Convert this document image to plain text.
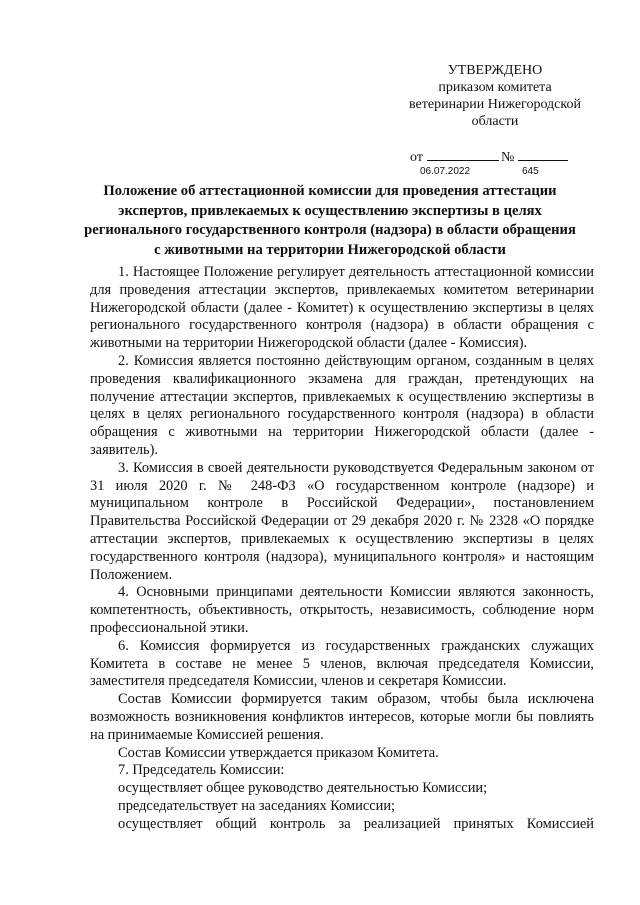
УТВЕРЖДЕНО
приказом комитета
ветеринарии Нижегородской
области
от	№
06.07.2022	645
Положение об аттестационной комиссии для проведения аттестации экспертов, привлекаемых к осуществлению экспертизы в целях регионального государственного контроля (надзора) в области обращения с животными на территории Нижегородской области

1. Настоящее Положение регулирует деятельность аттестационной комиссии для проведения аттестации экспертов, привлекаемых комитетом ветеринарии Нижегородской области (далее - Комитет) к осуществлению экспертизы в целях регионального государственного контроля (надзора) в области обращения с животными на территории Нижегородской области (далее - Комиссия).

2. Комиссия является постоянно действующим органом, созданным в целях проведения квалификационного экзамена для граждан, претендующих на получение аттестации экспертов, привлекаемых к осуществлению экспертизы в целях в целях регионального государственного контроля (надзора) в области обращения с животными на территории Нижегородской области (далее - заявитель).

3. Комиссия в своей деятельности руководствуется Федеральным законом от 31 июля 2020 г. № 248-ФЗ «О государственном контроле (надзоре) и муниципальном контроле в Российской Федерации», постановлением Правительства Российской Федерации от 29 декабря 2020 г. № 2328 «О порядке аттестации экспертов, привлекаемых к осуществлению экспертизы в целях государственного контроля (надзора), муниципального контроля» и настоящим Положением.

4. Основными принципами деятельности Комиссии являются законность, компетентность, объективность, открытость, независимость, соблюдение норм профессиональной этики.

6. Комиссия формируется из государственных гражданских служащих Комитета в составе не менее 5 членов, включая председателя Комиссии, заместителя председателя Комиссии, членов и секретаря Комиссии.

Состав Комиссии формируется таким образом, чтобы была исключена возможность возникновения конфликтов интересов, которые могли бы повлиять на принимаемые Комиссией решения.

Состав Комиссии утверждается приказом Комитета.

7. Председатель Комиссии:

осуществляет общее руководство деятельностью Комиссии;

председательствует на заседаниях Комиссии;

осуществляет общий контроль за реализацией принятых Комиссией
